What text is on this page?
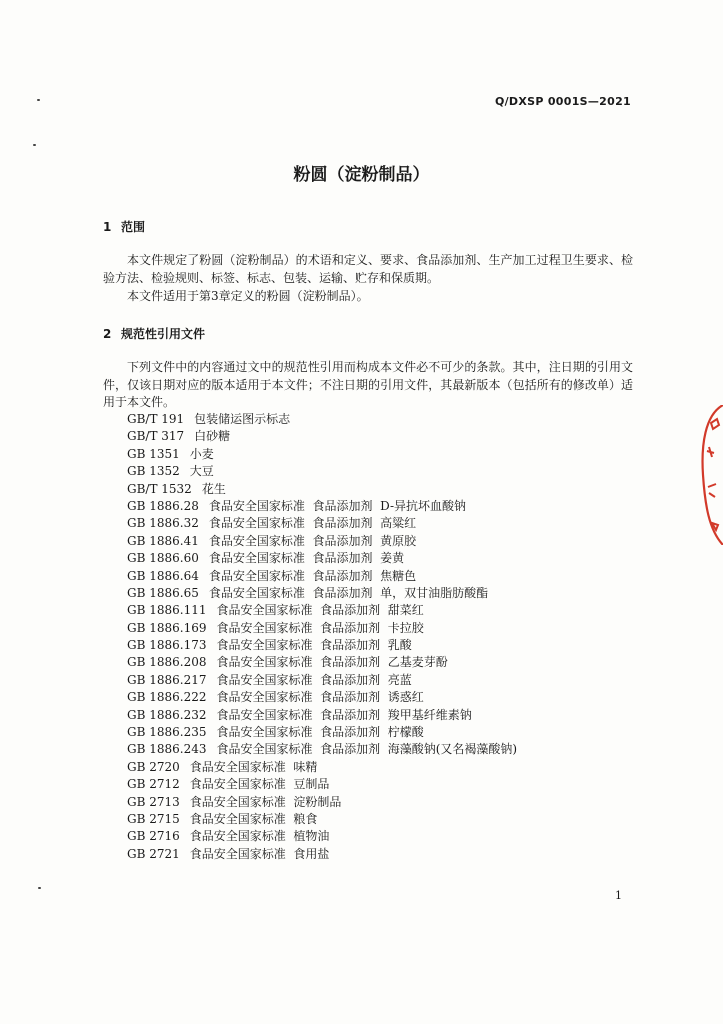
Q/DXSP 0001S—2021
粉圆（淀粉制品）
1 范围
本文件规定了粉圆（淀粉制品）的术语和定义、要求、食品添加剂、生产加工过程卫生要求、检验方法、检验规则、标签、标志、包装、运输、贮存和保质期。
本文件适用于第3章定义的粉圆（淀粉制品）。
2 规范性引用文件
下列文件中的内容通过文中的规范性引用而构成本文件必不可少的条款。其中，注日期的引用文件，仅该日期对应的版本适用于本文件；不注日期的引用文件，其最新版本（包括所有的修改单）适用于本文件。
GB/T 191 包装储运图示标志
GB/T 317 白砂糖
GB 1351 小麦
GB 1352 大豆
GB/T 1532 花生
GB 1886.28 食品安全国家标准  食品添加剂  D-异抗坏血酸钠
GB 1886.32 食品安全国家标准  食品添加剂  高粱红
GB 1886.41 食品安全国家标准  食品添加剂  黄原胶
GB 1886.60 食品安全国家标准  食品添加剂  姜黄
GB 1886.64 食品安全国家标准  食品添加剂  焦糖色
GB 1886.65 食品安全国家标准  食品添加剂  单，双甘油脂肪酸酯
GB 1886.111 食品安全国家标准  食品添加剂  甜菜红
GB 1886.169 食品安全国家标准  食品添加剂  卡拉胶
GB 1886.173 食品安全国家标准  食品添加剂  乳酸
GB 1886.208 食品安全国家标准  食品添加剂  乙基麦芽酚
GB 1886.217 食品安全国家标准  食品添加剂  亮蓝
GB 1886.222 食品安全国家标准  食品添加剂  诱惑红
GB 1886.232 食品安全国家标准  食品添加剂  羧甲基纤维素钠
GB 1886.235 食品安全国家标准  食品添加剂  柠檬酸
GB 1886.243 食品安全国家标准  食品添加剂  海藻酸钠(又名褐藻酸钠)
GB 2720 食品安全国家标准  味精
GB 2712 食品安全国家标准  豆制品
GB 2713 食品安全国家标准  淀粉制品
GB 2715 食品安全国家标准  粮食
GB 2716 食品安全国家标准  植物油
GB 2721 食品安全国家标准  食用盐
1
